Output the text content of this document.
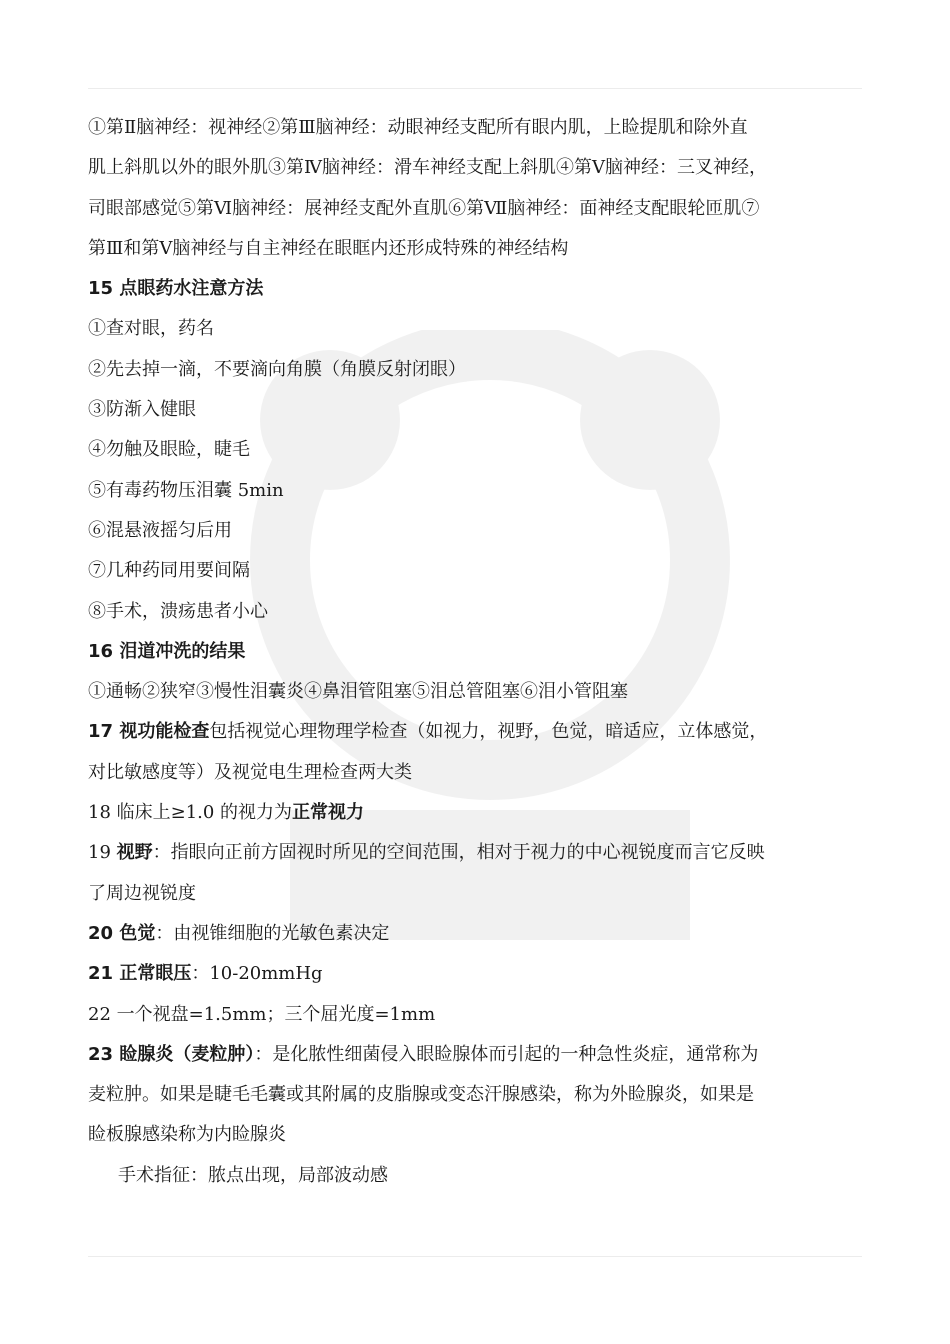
①第Ⅱ脑神经：视神经②第Ⅲ脑神经：动眼神经支配所有眼内肌，上睑提肌和除外直
肌上斜肌以外的眼外肌③第Ⅳ脑神经：滑车神经支配上斜肌④第Ⅴ脑神经：三叉神经，
司眼部感觉⑤第Ⅵ脑神经：展神经支配外直肌⑥第Ⅶ脑神经：面神经支配眼轮匝肌⑦
第Ⅲ和第Ⅴ脑神经与自主神经在眼眶内还形成特殊的神经结构
15 点眼药水注意方法
①查对眼，药名
②先去掉一滴，不要滴向角膜（角膜反射闭眼）
③防渐入健眼
④勿触及眼睑，睫毛
⑤有毒药物压泪囊 5min
⑥混悬液摇匀后用
⑦几种药同用要间隔
⑧手术，溃疡患者小心
16 泪道冲洗的结果
①通畅②狭窄③慢性泪囊炎④鼻泪管阻塞⑤泪总管阻塞⑥泪小管阻塞
17 视功能检查包括视觉心理物理学检查（如视力，视野，色觉，暗适应，立体感觉，
对比敏感度等）及视觉电生理检查两大类
18 临床上≥1.0 的视力为正常视力
19 视野：指眼向正前方固视时所见的空间范围，相对于视力的中心视锐度而言它反映
了周边视锐度
20 色觉：由视锥细胞的光敏色素决定
21 正常眼压：10-20mmHg
22 一个视盘=1.5mm；三个屈光度=1mm
23 睑腺炎（麦粒肿）：是化脓性细菌侵入眼睑腺体而引起的一种急性炎症，通常称为
麦粒肿。如果是睫毛毛囊或其附属的皮脂腺或变态汗腺感染，称为外睑腺炎，如果是
睑板腺感染称为内睑腺炎
手术指征：脓点出现，局部波动感
